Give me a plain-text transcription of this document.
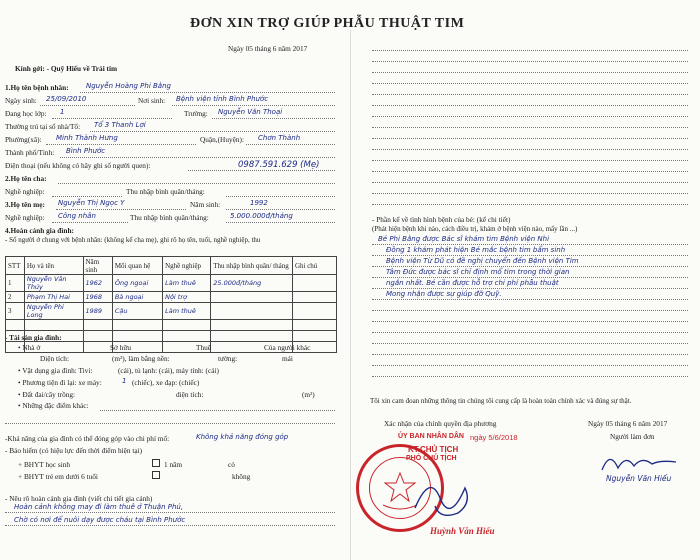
ĐƠN XIN TRỢ GIÚP PHẪU THUẬT TIM
Ngày 05 tháng 6 năm 2017
Kính gởi: - Quỹ Hiếu về Trái tim
1.Họ tên bệnh nhân: Nguyễn Hoàng Phi Bằng
Ngày sinh: 25/09/2010	Nơi sinh: Bệnh viện tỉnh Bình Phước
Đang học lớp: 1	Trường: Nguyễn Văn Thoại
Thường trú tại số nhà/Tổ: Tổ 3 Thanh Lợi
Phường(xã): Minh Thành Hưng	Quận,(Huyện): Chơn Thành
Thành phố/Tỉnh: Bình Phước
Điện thoại (nếu không có hãy ghi số người quen):	0987.591.629 (Mẹ)
2.Họ tên cha:
Nghề nghiệp:	Thu nhập bình quân/tháng:
3.Họ tên mẹ: Nguyễn Thị Ngọc Y	Năm sinh:	1992
Nghề nghiệp: Công nhân	Thu nhập bình quân/tháng:	5.000.000đ/tháng
4.Hoàn cảnh gia đình:
- Số người ở chung với bệnh nhân: (không kể cha mẹ), ghi rõ họ tên, tuổi, nghề nghiệp, thu
STT	Họ và tên	Năm sinh	Mối quan hệ	Nghề nghiệp	Thu nhập bình quân/ tháng	Ghi chú
1	Nguyễn Văn Thủy	1962	Ông ngoại	Làm thuê	25.000đ/tháng	
2	Phạm Thị Hai	1968	Bà ngoại	Nội trợ		
3	Nguyễn Phi Long	1989	Cậu	Làm thuê		

- Tài sản gia đình:
• Nhà ở	Sở hữu	Thuê	Của người khác
Diện tích:	(m²), làm bằng nền:	tường:	mái
• Vật dụng gia đình: Tivi:	(cái), tủ lạnh: (cái), máy tính: (cái)
• Phương tiện đi lại: xe máy:	1 (chiếc), xe đạp: (chiếc)
• Đất đai/cây trồng:	diện tích:	(m²)
• Những đặc điểm khác:
-Khả năng của gia đình có thể đóng góp vào chi phí mổ:	Không khả năng đóng góp
- Bảo hiểm (có hiệu lực đến thời điểm hiện tại)
+ BHYT học sinh	1 năm	có
+ BHYT trẻ em dưới 6 tuổi	không
- Nêu rõ hoàn cảnh gia đình (viết chi tiết gia cảnh)
Hoàn cảnh không may đi làm thuê ở Thuận Phú,
Chờ có nơi để nuôi dạy được cháu tại Bình Phước
- Phần kể về tình hình bệnh của bé: (kể chi tiết)
(Phát hiện bệnh khi nào, cách điều trị, khám ở bệnh viện nào, mấy lần ...)
Bé Phi Bằng được Bác sĩ khám tim Bệnh viện Nhi
Đồng 1 khám phát hiện Bé mắc bệnh tim bẩm sinh
Bệnh viện Từ Dũ có đề nghị chuyển đến Bệnh viện Tim
Tâm Đức được bác sĩ chỉ định mổ tim trong thời gian
ngắn nhất. Bé cần được hỗ trợ chi phí phẫu thuật
Mong nhận được sự giúp đỡ Quỹ.
Tôi xin cam đoan những thông tin chúng tôi cung cấp là hoàn toàn chính xác và đúng sự thật.
Xác nhận của chính quyền địa phương	Ngày 05 tháng 6 năm 2017
Người làm đơn
ỦY BAN NHÂN DÂN ngày 5/6/2018
KT.CHỦ TỊCH
PHÓ CHỦ TỊCH
Huỳnh Văn Hiếu
Nguyễn Văn Hiếu
